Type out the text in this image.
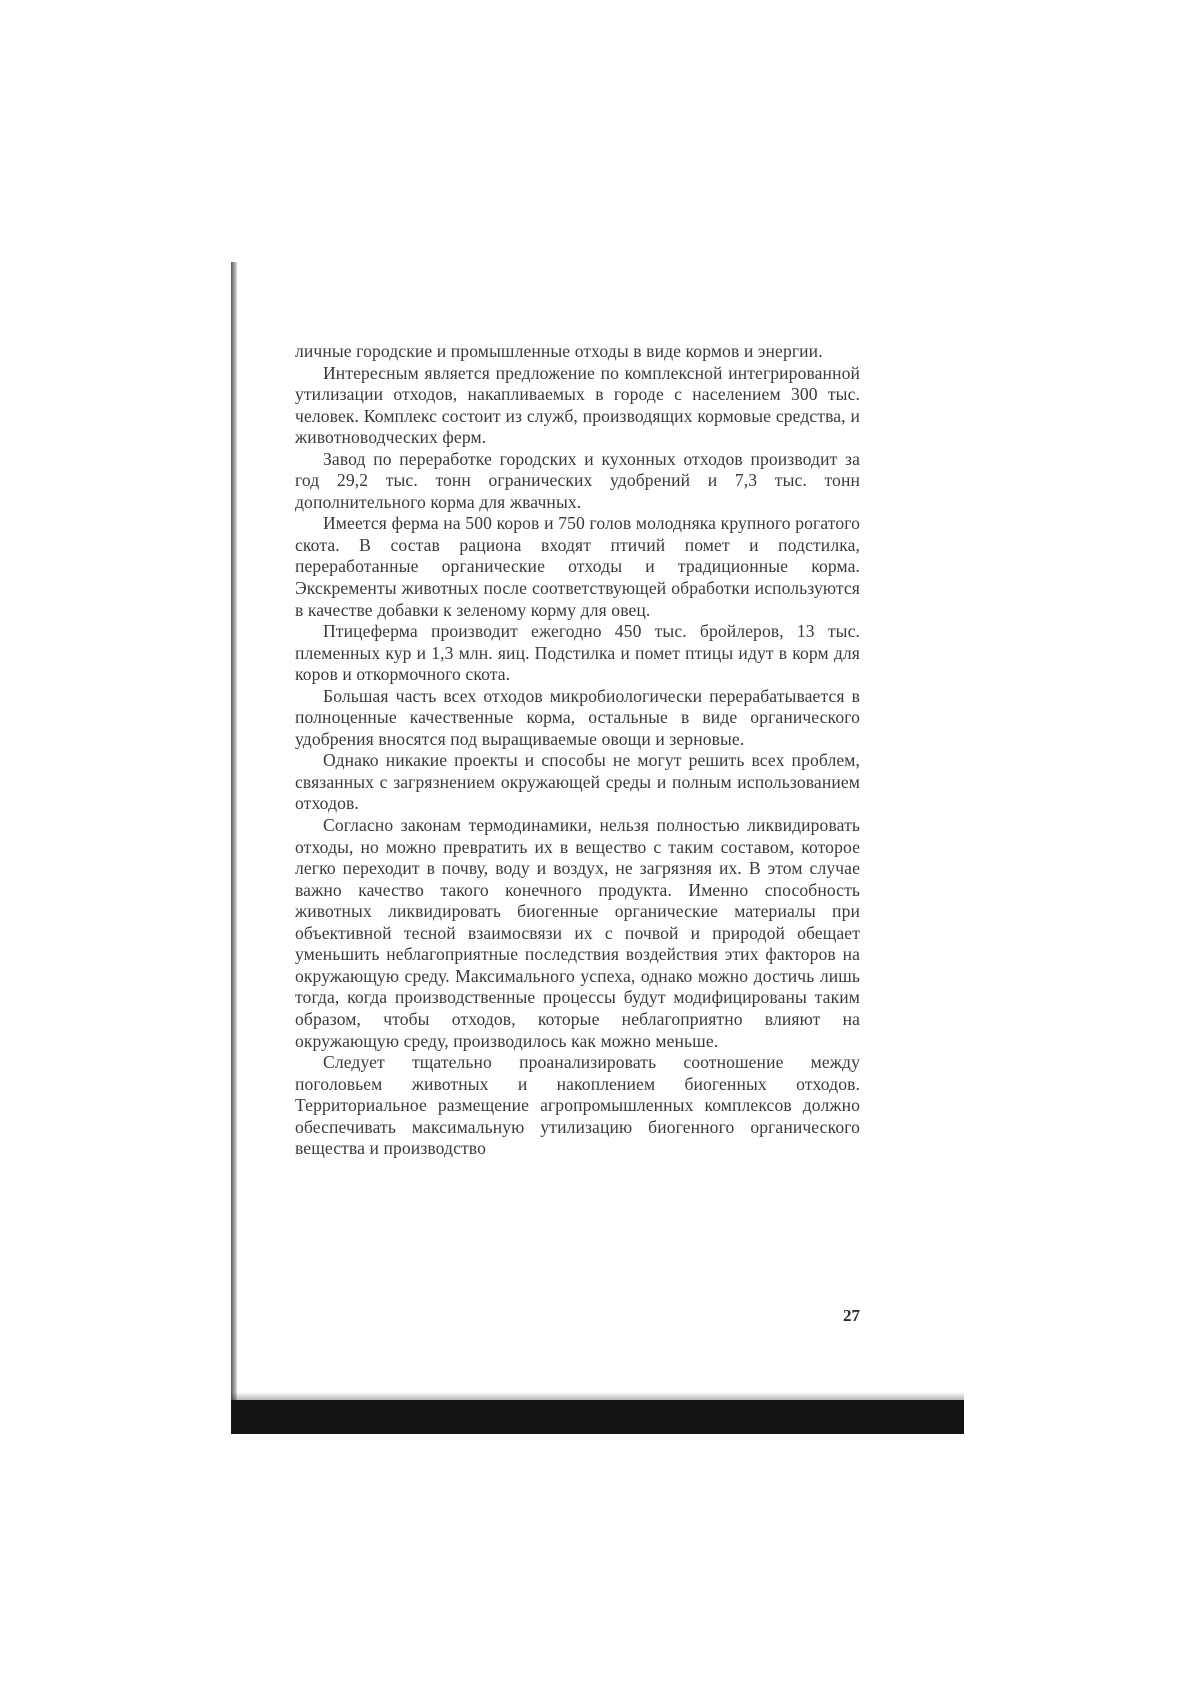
личные городские и промышленные отходы в виде кормов и энергии.

Интересным является предложение по комплексной интегрированной утилизации отходов, накапливаемых в городе с населением 300 тыс. человек. Комплекс состоит из служб, производящих кормовые средства, и животноводческих ферм.

Завод по переработке городских и кухонных отходов производит за год 29,2 тыс. тонн ограничеcких удобрений и 7,3 тыс. тонн дополнительного корма для жвачных.

Имеется ферма на 500 коров и 750 голов молодняка крупного рогатого скота. В состав рациона входят птичий помет и подстилка, переработанные органические отходы и традиционные корма. Экскременты животных после соответствующей обработки используются в качестве добавки к зеленому корму для овец.

Птицеферма производит ежегодно 450 тыс. бройлеров, 13 тыс. племенных кур и 1,3 млн. яиц. Подстилка и помет птицы идут в корм для коров и откормочного скота.

Большая часть всех отходов микробиологически перерабатывается в полноценные качественные корма, остальные в виде органического удобрения вносятся под выращиваемые овощи и зерновые.

Однако никакие проекты и способы не могут решить всех проблем, связанных с загрязнением окружающей среды и полным использованием отходов.

Согласно законам термодинамики, нельзя полностью ликвидировать отходы, но можно превратить их в вещество с таким составом, которое легко переходит в почву, воду и воздух, не загрязняя их. В этом случае важно качество такого конечного продукта. Именно способность животных ликвидировать биогенные органические материалы при объективной тесной взаимосвязи их с почвой и природой обещает уменьшить неблагоприятные последствия воздействия этих факторов на окружающую среду. Максимального успеха, однако можно достичь лишь тогда, когда производственные процессы будут модифицированы таким образом, чтобы отходов, которые неблагоприятно влияют на окружающую среду, производилось как можно меньше.

Следует тщательно проанализировать соотношение между поголовьем животных и накоплением биогенных отходов. Территориальное размещение агропромышленных комплексов должно обеспечивать максимальную утилизацию биогенного органического вещества и производство

27
